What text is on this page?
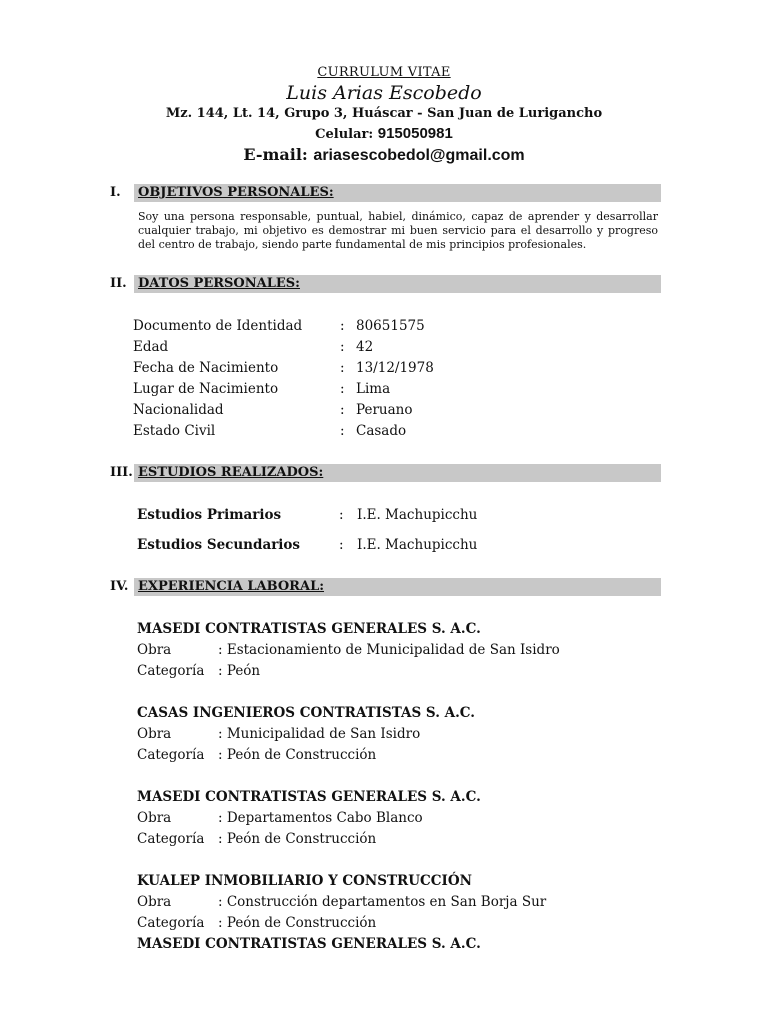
CURRULUM VITAE
Luis Arias Escobedo
Mz. 144, Lt. 14, Grupo 3, Huáscar - San Juan de Lurigancho
Celular: 915050981
E-mail: ariasescobedol@gmail.com
I. OBJETIVOS PERSONALES:
Soy una persona responsable, puntual, habiel, dinámico, capaz de aprender y desarrollar cualquier trabajo, mi objetivo es demostrar mi buen servicio para el desarrollo y progreso del centro de trabajo, siendo parte fundamental de mis principios profesionales.
II. DATOS PERSONALES:
Documento de Identidad	: 80651575
Edad	: 42
Fecha de Nacimiento	: 13/12/1978
Lugar de Nacimiento	: Lima
Nacionalidad	: Peruano
Estado Civil	: Casado
III. ESTUDIOS REALIZADOS:
Estudios Primarios	: I.E. Machupicchu
Estudios Secundarios	: I.E. Machupicchu
IV. EXPERIENCIA LABORAL:
MASEDI CONTRATISTAS GENERALES S. A.C.
Obra	: Estacionamiento de Municipalidad de San Isidro
Categoría : Peón
CASAS INGENIEROS CONTRATISTAS S. A.C.
Obra	: Municipalidad de San Isidro
Categoría : Peón de Construcción
MASEDI CONTRATISTAS GENERALES S. A.C.
Obra	: Departamentos Cabo Blanco
Categoría : Peón de Construcción
KUALEP INMOBILIARIO Y CONSTRUCCIÓN
Obra	: Construcción departamentos en San Borja Sur
Categoría : Peón de Construcción
MASEDI CONTRATISTAS GENERALES S. A.C.
